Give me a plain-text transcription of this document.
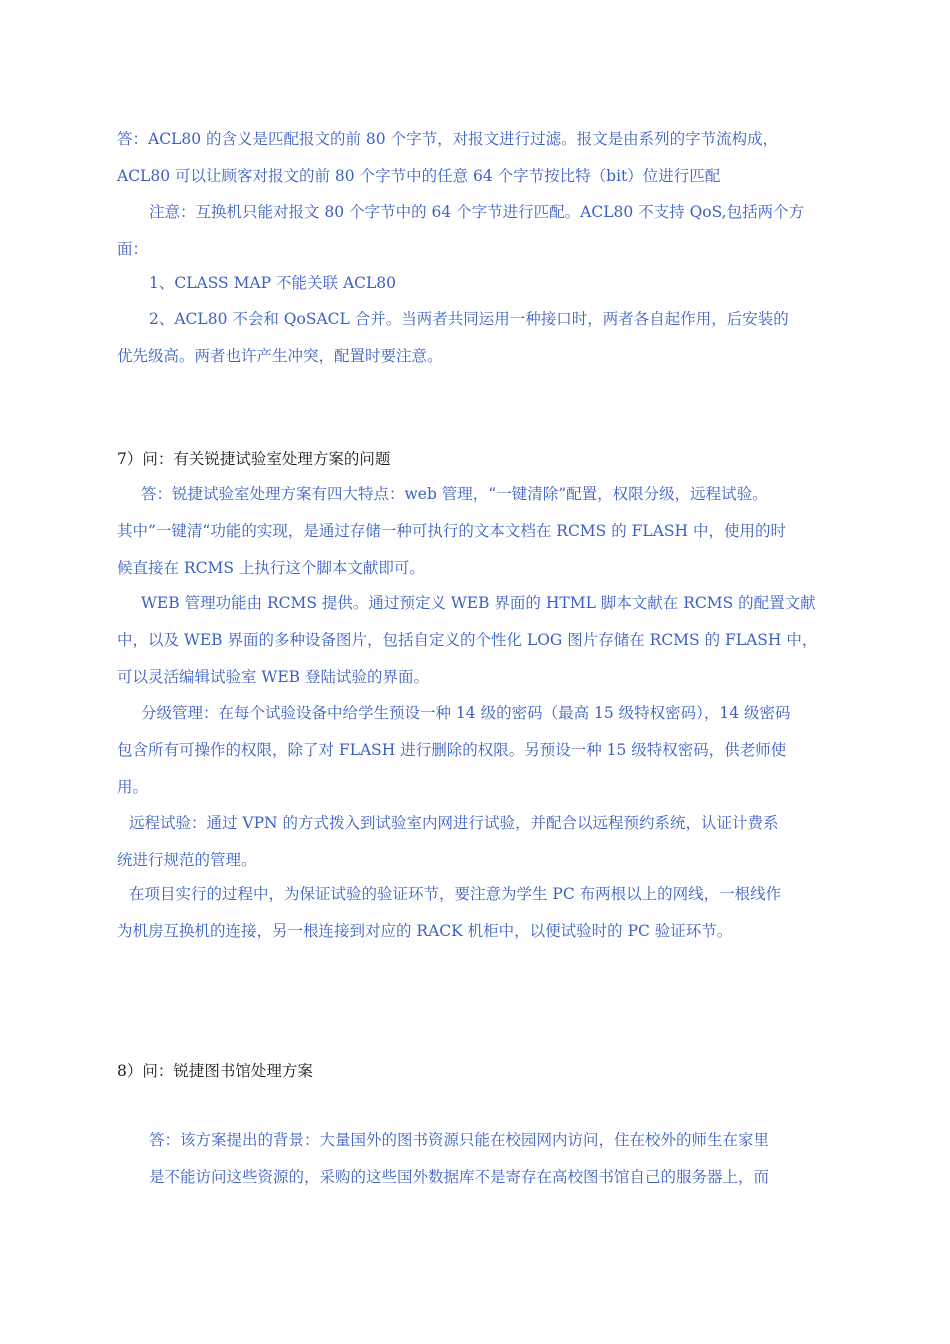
答：ACL80 的含义是匹配报文的前 80 个字节，对报文进行过滤。报文是由系列的字节流构成，
ACL80 可以让顾客对报文的前 80 个字节中的任意 64 个字节按比特（bit）位进行匹配
注意：互换机只能对报文 80 个字节中的 64 个字节进行匹配。ACL80 不支持 QoS,包括两个方
面：
1、CLASS MAP 不能关联 ACL80
2、ACL80 不会和 QoSACL 合并。当两者共同运用一种接口时，两者各自起作用，后安装的
优先级高。两者也许产生冲突，配置时要注意。
7）问：有关锐捷试验室处理方案的问题
答：锐捷试验室处理方案有四大特点：web 管理，“一键清除”配置，权限分级，远程试验。
其中”一键清“功能的实现，是通过存储一种可执行的文本文档在 RCMS 的 FLASH 中，使用的时
候直接在 RCMS 上执行这个脚本文献即可。
WEB 管理功能由 RCMS 提供。通过预定义 WEB 界面的 HTML 脚本文献在 RCMS 的配置文献
中，以及 WEB 界面的多种设备图片，包括自定义的个性化 LOG 图片存储在 RCMS 的 FLASH 中，
可以灵活编辑试验室 WEB 登陆试验的界面。
分级管理：在每个试验设备中给学生预设一种 14 级的密码（最高 15 级特权密码），14 级密码
包含所有可操作的权限，除了对 FLASH 进行删除的权限。另预设一种 15 级特权密码，供老师使
用。
远程试验：通过 VPN 的方式拨入到试验室内网进行试验，并配合以远程预约系统，认证计费系
统进行规范的管理。
在项目实行的过程中，为保证试验的验证环节，要注意为学生 PC 布两根以上的网线，一根线作
为机房互换机的连接，另一根连接到对应的 RACK 机柜中，以便试验时的 PC 验证环节。
8）问：锐捷图书馆处理方案
答：该方案提出的背景：大量国外的图书资源只能在校园网内访问，住在校外的师生在家里
是不能访问这些资源的，采购的这些国外数据库不是寄存在高校图书馆自己的服务器上，而
